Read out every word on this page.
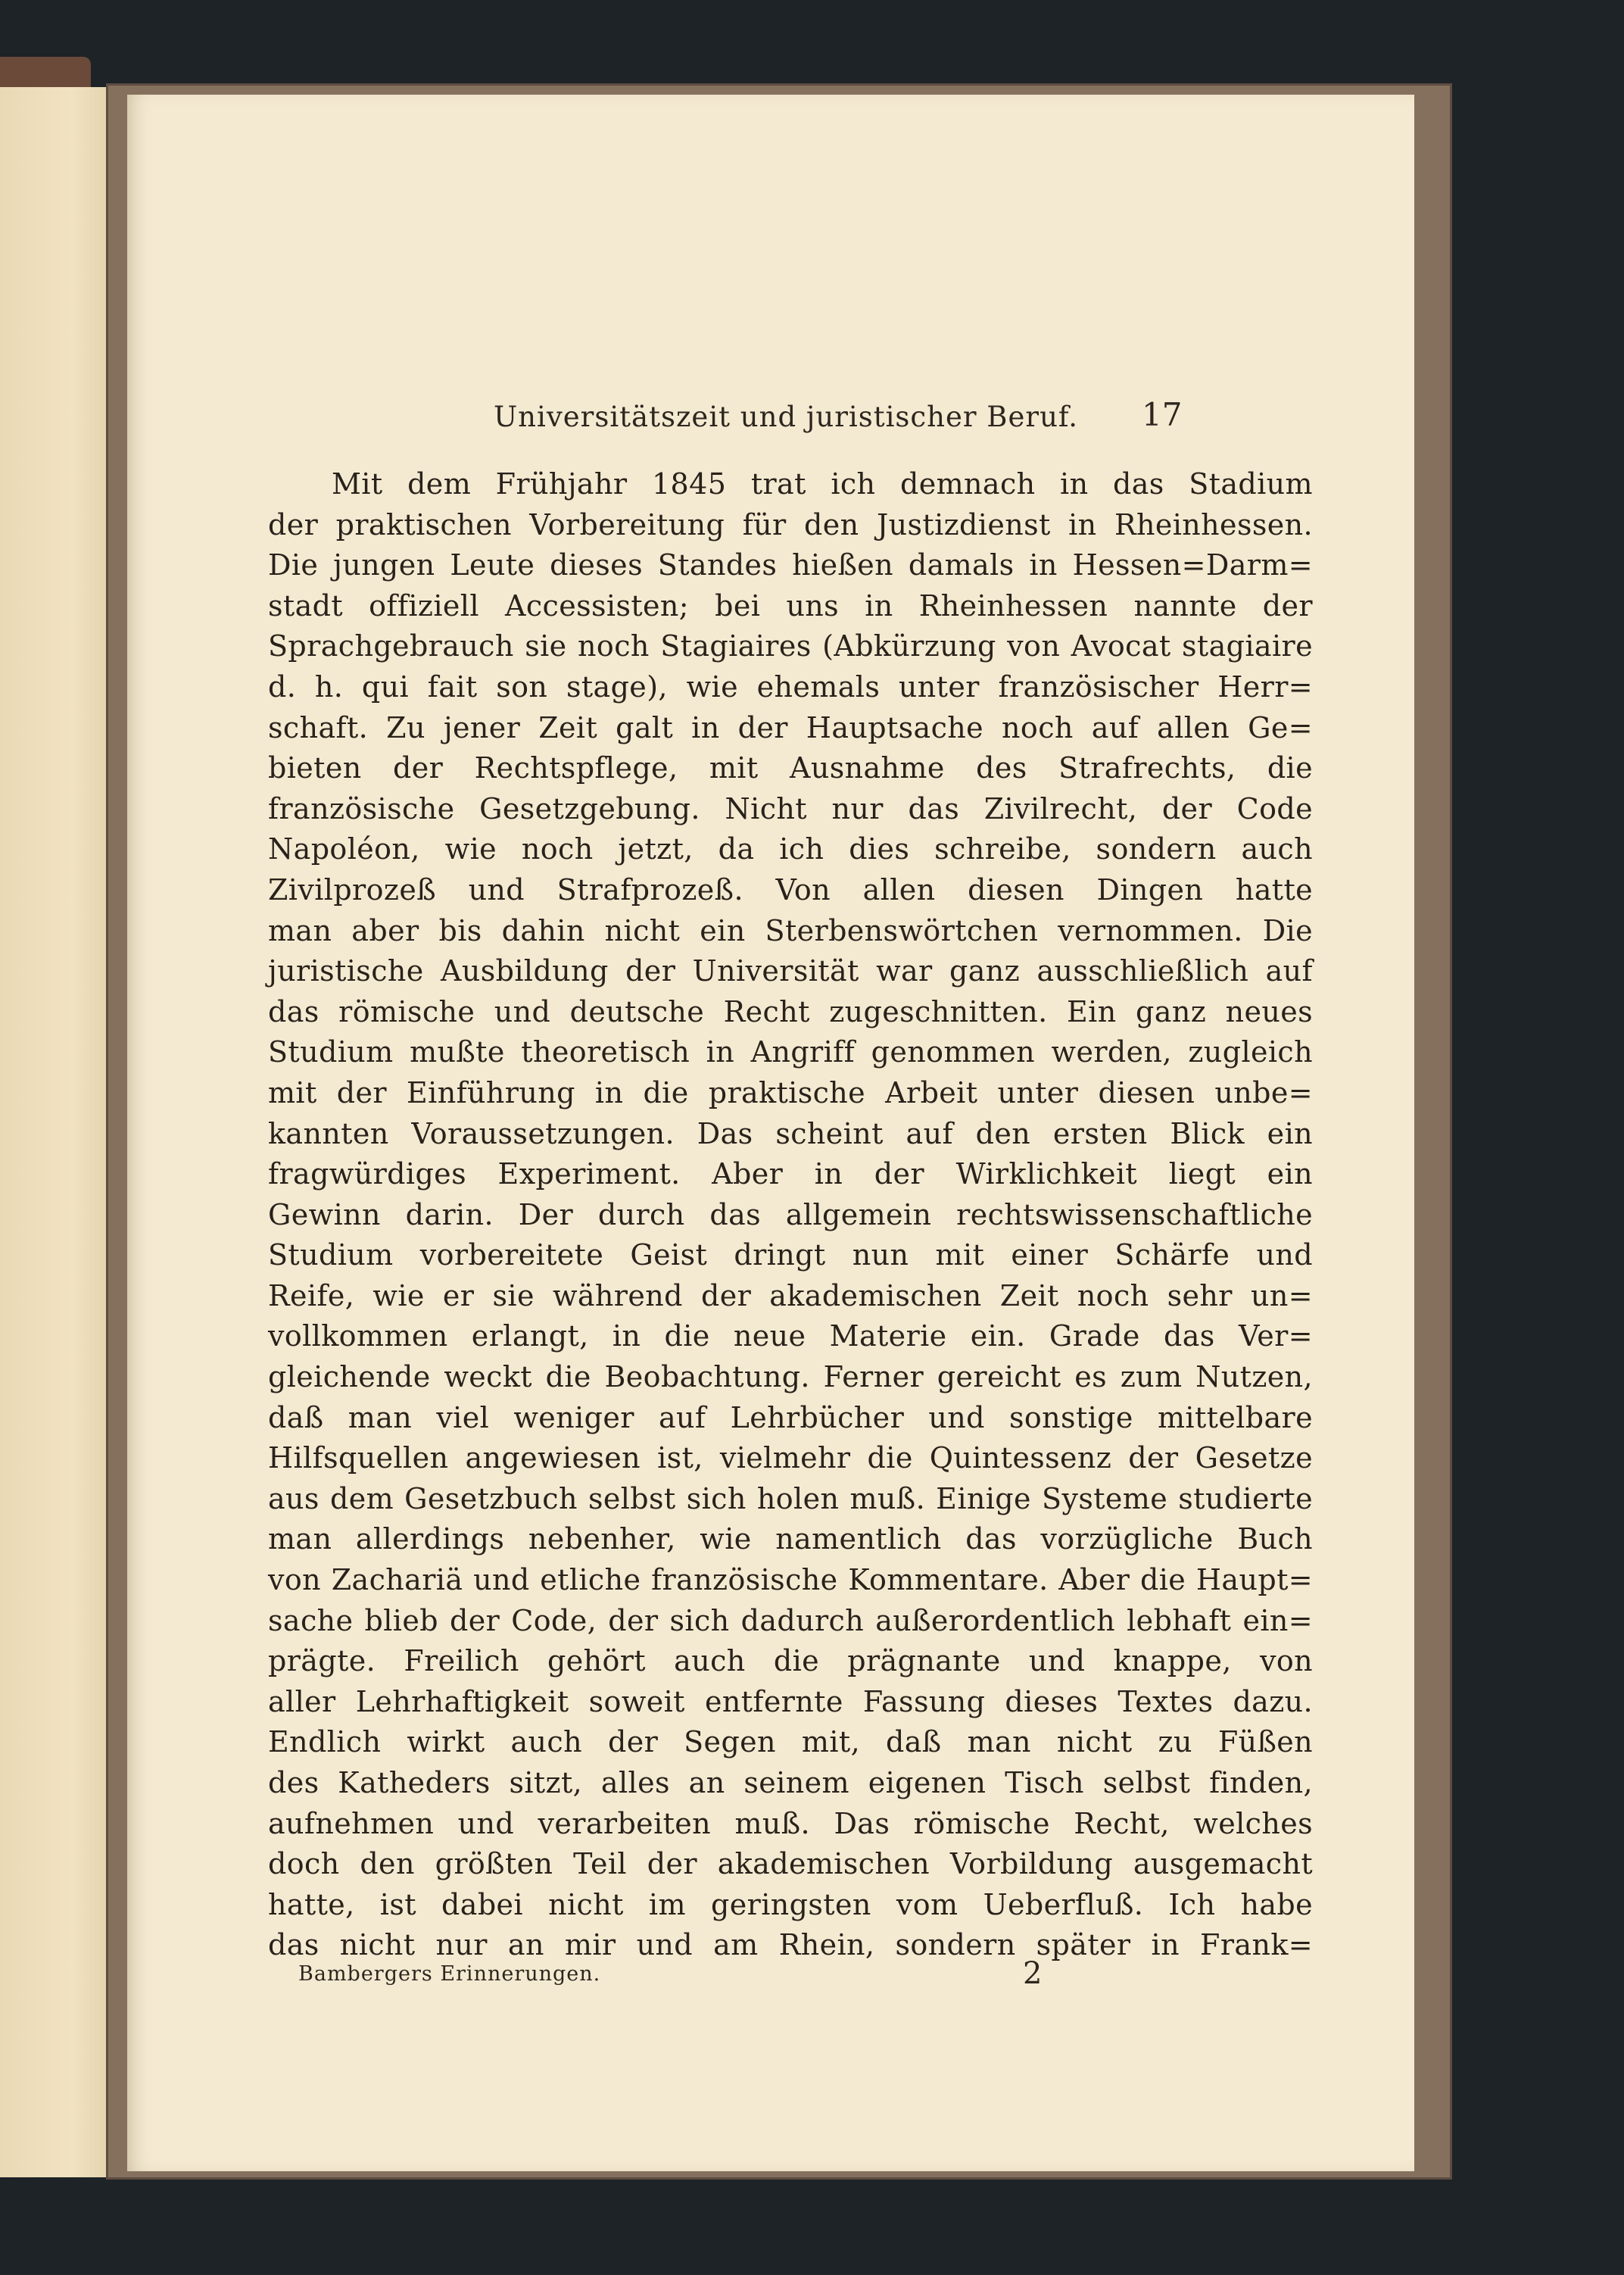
Universitätszeit und juristischer Beruf. 17
Mit dem Frühjahr 1845 trat ich demnach in das Stadium
der praktischen Vorbereitung für den Justizdienst in Rheinhessen.
Die jungen Leute dieses Standes hießen damals in Hessen=Darm=
stadt offiziell Accessisten; bei uns in Rheinhessen nannte der
Sprachgebrauch sie noch Stagiaires (Abkürzung von Avocat stagiaire
d. h. qui fait son stage), wie ehemals unter französischer Herr=
schaft. Zu jener Zeit galt in der Hauptsache noch auf allen Ge=
bieten der Rechtspflege, mit Ausnahme des Strafrechts, die
französische Gesetzgebung. Nicht nur das Zivilrecht, der Code
Napoléon, wie noch jetzt, da ich dies schreibe, sondern auch
Zivilprozeß und Strafprozeß. Von allen diesen Dingen hatte
man aber bis dahin nicht ein Sterbenswörtchen vernommen. Die
juristische Ausbildung der Universität war ganz ausschließlich auf
das römische und deutsche Recht zugeschnitten. Ein ganz neues
Studium mußte theoretisch in Angriff genommen werden, zugleich
mit der Einführung in die praktische Arbeit unter diesen unbe=
kannten Voraussetzungen. Das scheint auf den ersten Blick ein
fragwürdiges Experiment. Aber in der Wirklichkeit liegt ein
Gewinn darin. Der durch das allgemein rechtswissenschaftliche
Studium vorbereitete Geist dringt nun mit einer Schärfe und
Reife, wie er sie während der akademischen Zeit noch sehr un=
vollkommen erlangt, in die neue Materie ein. Grade das Ver=
gleichende weckt die Beobachtung. Ferner gereicht es zum Nutzen,
daß man viel weniger auf Lehrbücher und sonstige mittelbare
Hilfsquellen angewiesen ist, vielmehr die Quintessenz der Gesetze
aus dem Gesetzbuch selbst sich holen muß. Einige Systeme studierte
man allerdings nebenher, wie namentlich das vorzügliche Buch
von Zachariä und etliche französische Kommentare. Aber die Haupt=
sache blieb der Code, der sich dadurch außerordentlich lebhaft ein=
prägte. Freilich gehört auch die prägnante und knappe, von
aller Lehrhaftigkeit soweit entfernte Fassung dieses Textes dazu.
Endlich wirkt auch der Segen mit, daß man nicht zu Füßen
des Katheders sitzt, alles an seinem eigenen Tisch selbst finden,
aufnehmen und verarbeiten muß. Das römische Recht, welches
doch den größten Teil der akademischen Vorbildung ausgemacht
hatte, ist dabei nicht im geringsten vom Ueberfluß. Ich habe
das nicht nur an mir und am Rhein, sondern später in Frank=
Bambergers Erinnerungen.	2
